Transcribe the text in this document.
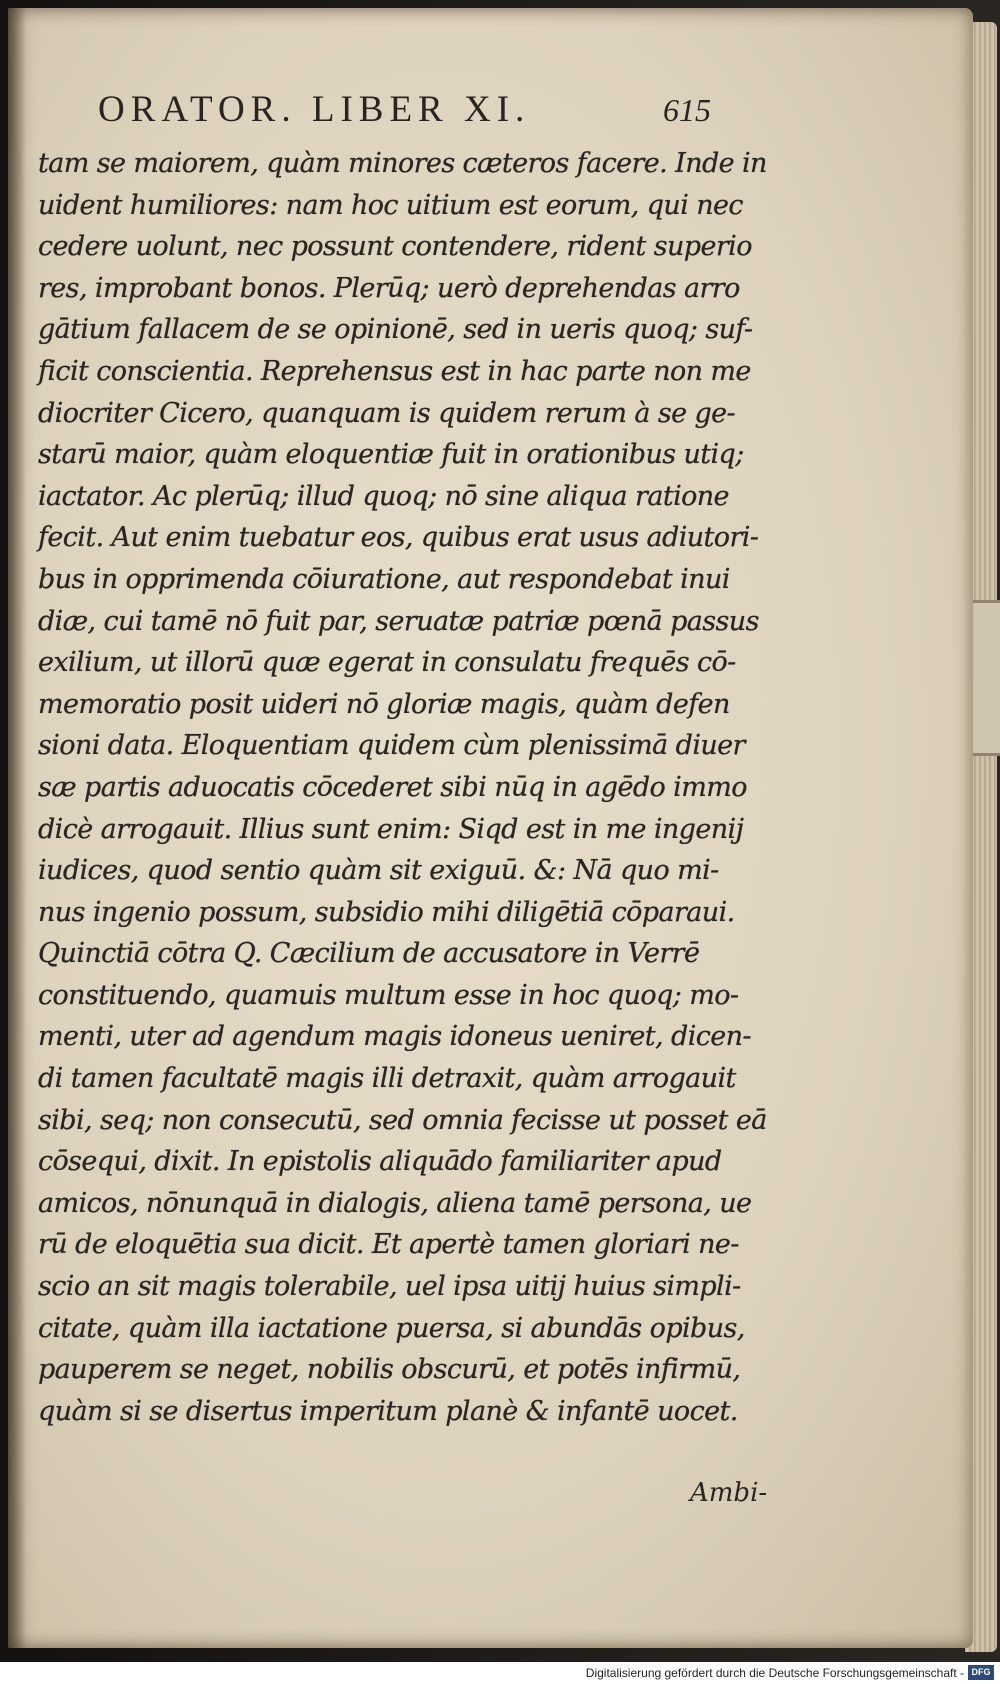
ORATOR. LIBER XI.	615
tam se maiorem, quàm minores cæteros facere. Inde in
uident humiliores: nam hoc uitium est eorum, qui nec
cedere uolunt, nec possunt contendere, rident superio
res, improbant bonos. Plerūq; uerò deprehendas arro
gātium fallacem de se opinionē, sed in ueris quoq; suf-
ficit conscientia. Reprehensus est in hac parte non me
diocriter Cicero, quanquam is quidem rerum à se ge-
starū maior, quàm eloquentiæ fuit in orationibus utiq;
iactator. Ac plerūq; illud quoq; nō sine aliqua ratione
fecit. Aut enim tuebatur eos, quibus erat usus adiutori-
bus in opprimenda cōiuratione, aut respondebat inui
diæ, cui tamē nō fuit par, seruatæ patriæ pœnā passus
exilium, ut illorū quæ egerat in consulatu frequēs cō-
memoratio posit uideri nō gloriæ magis, quàm defen
sioni data. Eloquentiam quidem cùm plenissimā diuer
sæ partis aduocatis cōcederet sibi nūq in agēdo immo
dicè arrogauit. Illius sunt enim: Siqd est in me ingenij
iudices, quod sentio quàm sit exiguū. &: Nā quo mi-
nus ingenio possum, subsidio mihi diligētiā cōparaui.
Quinctiā cōtra Q. Cæcilium de accusatore in Verrē
constituendo, quamuis multum esse in hoc quoq; mo-
menti, uter ad agendum magis idoneus ueniret, dicen-
di tamen facultatē magis illi detraxit, quàm arrogauit
sibi, seq; non consecutū, sed omnia fecisse ut posset eā
cōsequi, dixit. In epistolis aliquādo familiariter apud
amicos, nōnunquā in dialogis, aliena tamē persona, ue
rū de eloquētia sua dicit. Et apertè tamen gloriari ne-
scio an sit magis tolerabile, uel ipsa uitij huius simpli-
citate, quàm illa iactatione puersa, si abundās opibus,
pauperem se neget, nobilis obscurū, et potēs infirmū,
quàm si se disertus imperitum planè & infantē uocet.
Ambi-
Digitalisierung gefördert durch die Deutsche Forschungsgemeinschaft - DFG
